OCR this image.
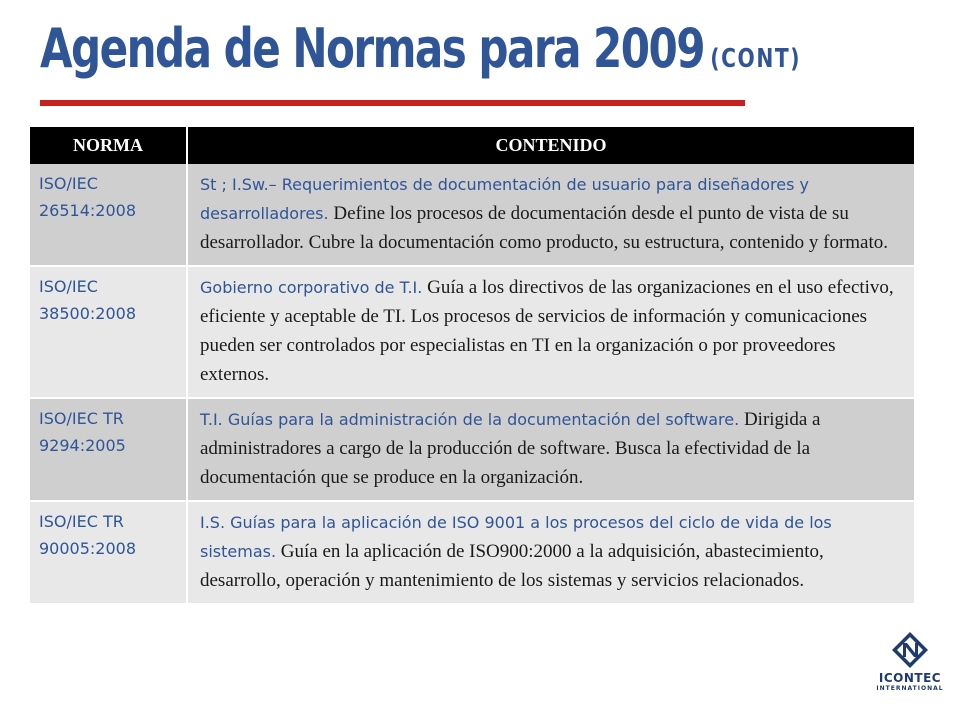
Agenda de Normas para 2009 (CONT)
NORMA	CONTENIDO
ISO/IEC 26514:2008	St ; I.Sw.– Requerimientos de documentación de usuario para diseñadores y desarrolladores. Define los procesos de documentación desde el punto de vista de su desarrollador. Cubre la documentación como producto, su estructura, contenido y formato.
ISO/IEC 38500:2008	Gobierno corporativo de T.I. Guía a los directivos de las organizaciones en el uso efectivo, eficiente y aceptable de TI. Los procesos de servicios de información y comunicaciones pueden ser controlados por especialistas en TI en la organización o por proveedores externos.
ISO/IEC TR 9294:2005	T.I. Guías para la administración de la documentación del software. Dirigida a administradores a cargo de la producción de software. Busca la efectividad de la documentación que se produce en la organización.
ISO/IEC TR 90005:2008	I.S. Guías para la aplicación de ISO 9001 a los procesos del ciclo de vida de los sistemas. Guía en la aplicación de ISO900:2000 a la adquisición, abastecimiento, desarrollo, operación y mantenimiento de los sistemas y servicios relacionados.
ICONTEC
INTERNATIONAL
